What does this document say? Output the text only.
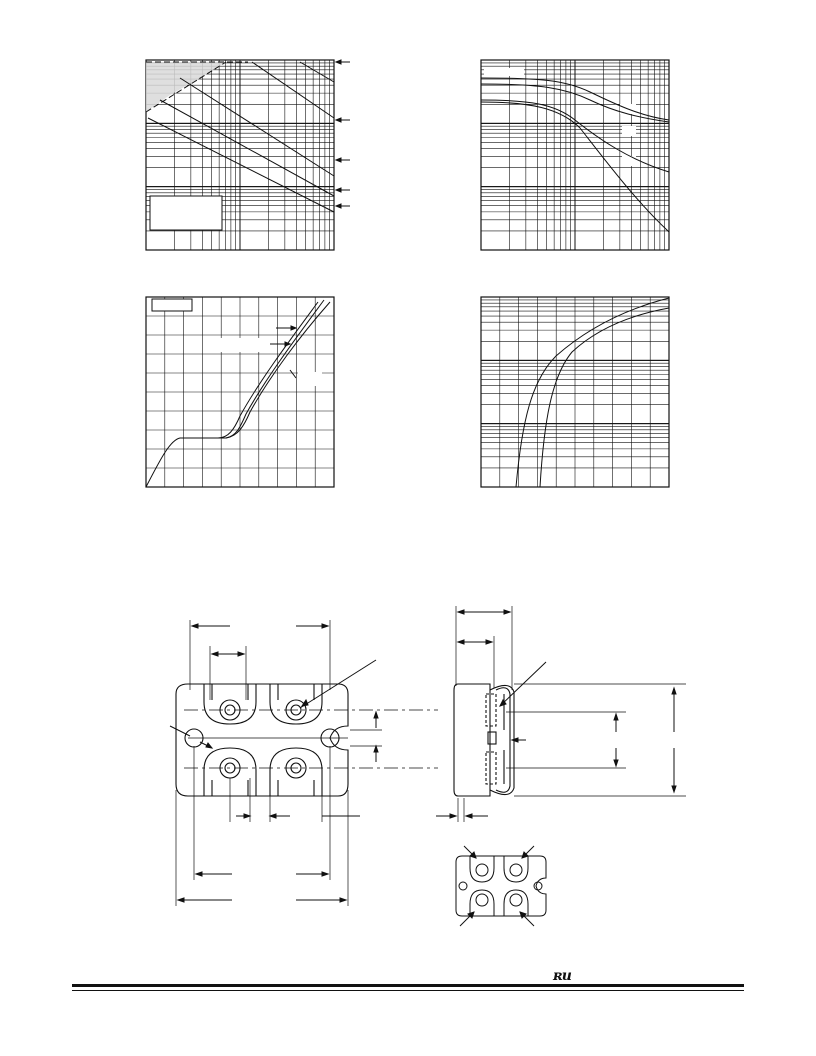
ʀu
